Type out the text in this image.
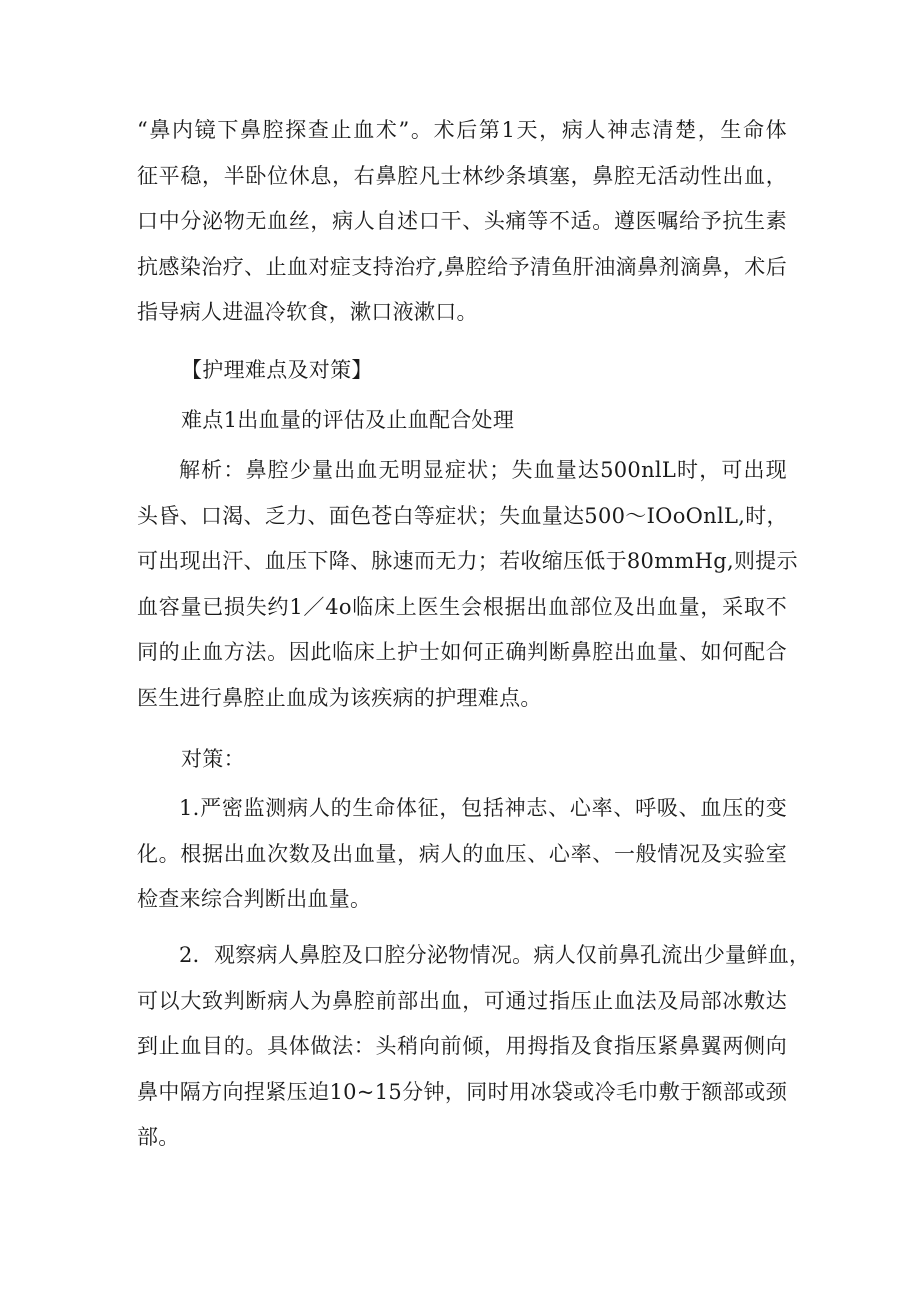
“鼻内镜下鼻腔探查止血术”。术后第1天，病人神志清楚，生命体
征平稳，半卧位休息，右鼻腔凡士林纱条填塞，鼻腔无活动性出血，
口中分泌物无血丝，病人自述口干、头痛等不适。遵医嘱给予抗生素
抗感染治疗、止血对症支持治疗,鼻腔给予清鱼肝油滴鼻剂滴鼻，术后
指导病人进温冷软食，漱口液漱口。
【护理难点及对策】
难点1出血量的评估及止血配合处理
解析：鼻腔少量出血无明显症状；失血量达500nlL时，可出现
头昏、口渴、乏力、面色苍白等症状；失血量达500～IOoOnlL,时，
可出现出汗、血压下降、脉速而无力；若收缩压低于80mmHg,则提示
血容量已损失约1／4o临床上医生会根据出血部位及出血量，采取不
同的止血方法。因此临床上护士如何正确判断鼻腔出血量、如何配合
医生进行鼻腔止血成为该疾病的护理难点。
对策：
1.严密监测病人的生命体征，包括神志、心率、呼吸、血压的变
化。根据出血次数及出血量，病人的血压、心率、一般情况及实验室
检查来综合判断出血量。
2．观察病人鼻腔及口腔分泌物情况。病人仅前鼻孔流出少量鲜血，
可以大致判断病人为鼻腔前部出血，可通过指压止血法及局部冰敷达
到止血目的。具体做法：头稍向前倾，用拇指及食指压紧鼻翼两侧向
鼻中隔方向捏紧压迫10~15分钟，同时用冰袋或冷毛巾敷于额部或颈
部。
